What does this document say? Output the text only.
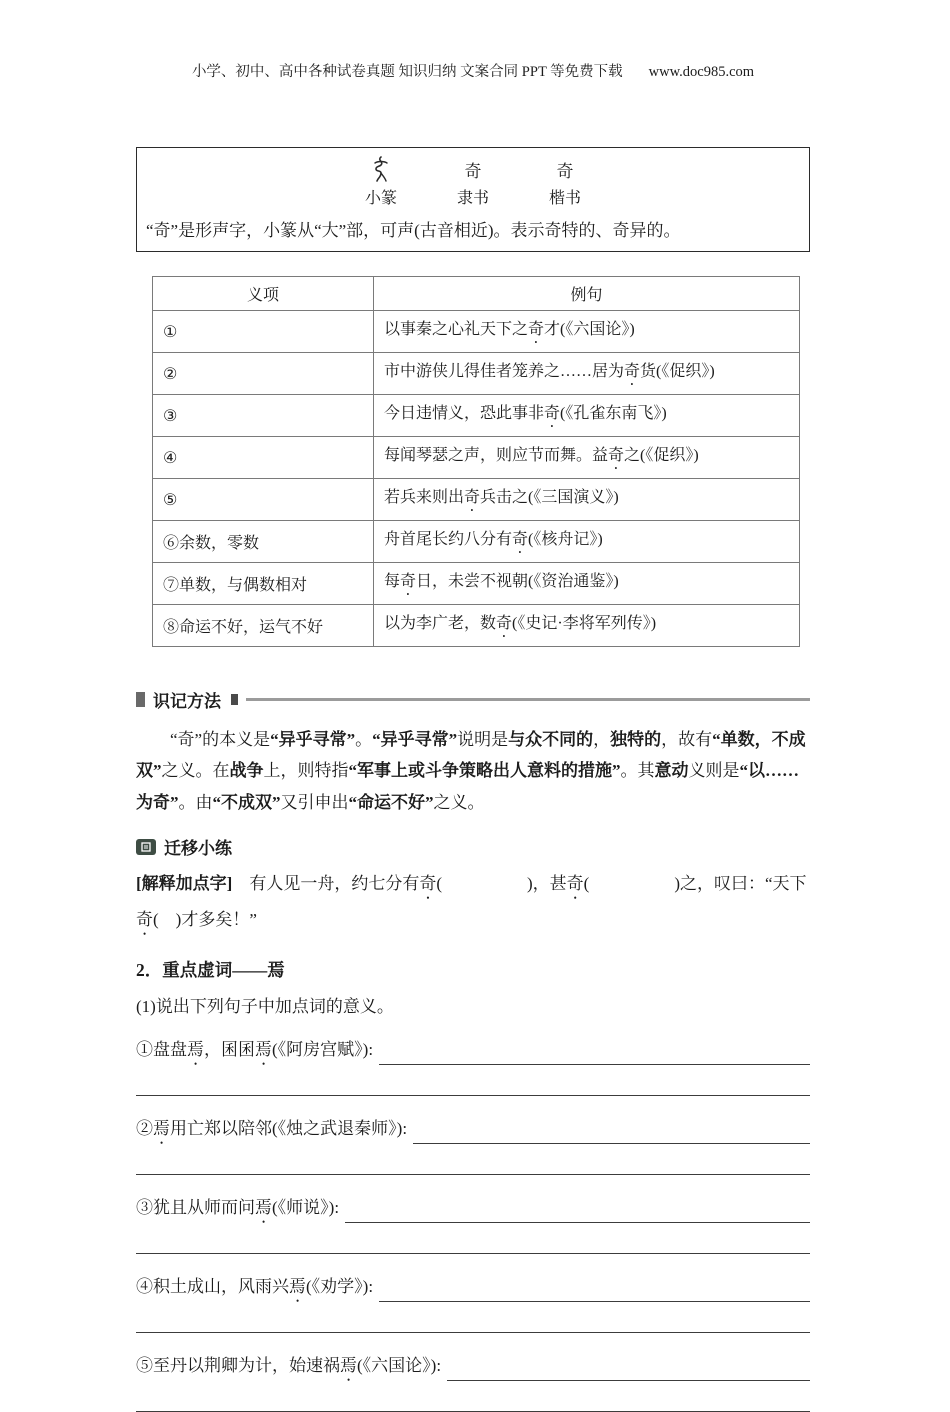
小学、初中、高中各种试卷真题 知识归纳 文案合同 PPT 等免费下载 www.doc985.com
小篆
奇
隶书
奇
楷书
“奇”是形声字，小篆从“大”部，可声(古音相近)。表示奇特的、奇异的。
义项	例句
①	以事秦之心礼天下之奇才(《六国论》)
②	市中游侠儿得佳者笼养之……居为奇货(《促织》)
③	今日违情义，恐此事非奇(《孔雀东南飞》)
④	每闻琴瑟之声，则应节而舞。益奇之(《促织》)
⑤	若兵来则出奇兵击之(《三国演义》)
⑥余数，零数	舟首尾长约八分有奇(《核舟记》)
⑦单数，与偶数相对	每奇日，未尝不视朝(《资治通鉴》)
⑧命运不好，运气不好	以为李广老，数奇(《史记·李将军列传》)
识记方法

“奇”的本义是“异乎寻常”。“异乎寻常”说明是与众不同的，独特的，故有“单数，不成双”之义。在战争上，则特指“军事上或斗争策略出人意料的措施”。其意动义则是“以……为奇”。由“不成双”又引申出“命运不好”之义。

迁移小练

[解释加点字]　有人见一舟，约七分有奇(　　　　　)，甚奇(　　　　　)之，叹曰：“天下奇(　)才多矣！”

2．重点虚词——焉

(1)说出下列句子中加点词的意义。

①盘盘焉，囷囷焉(《阿房宫赋》):
②焉用亡郑以陪邻(《烛之武退秦师》):
③犹且从师而问焉(《师说》):
④积土成山，风雨兴焉(《劝学》):
⑤至丹以荆卿为计，始速祸焉(《六国论》):
